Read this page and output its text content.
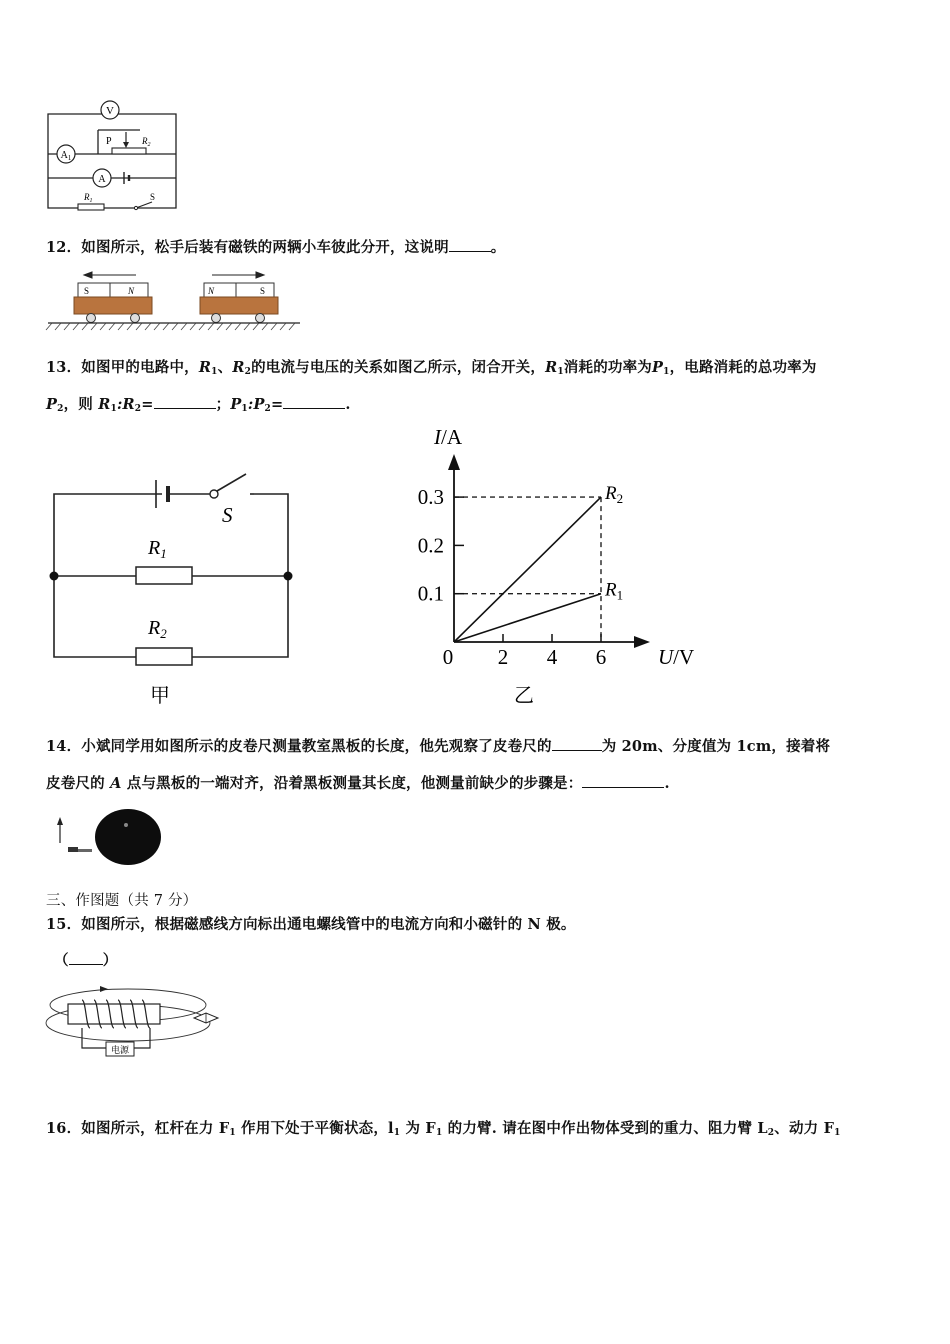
V
$A_1$
P	$R_2$
A
$R_1$	S
12．如图所示，松手后装有磁铁的两辆小车彼此分开，这说明	。
S	N	N	S
13．如图甲的电路中，$R_1$、$R_2$的电流与电压的关系如图乙所示，闭合开关，$R_1$消耗的功率为$P_1$，电路消耗的总功率为
$P_2$，则 $R_1:R_2=$	；$P_1:P_2=$	.
S
$R_1$
$R_2$
甲
I/A
U/V
0.1
0.2
0.3
0 2 4 6
$R_2$
$R_1$
乙
14．小斌同学用如图所示的皮卷尺测量教室黑板的长度，他先观察了皮卷尺的	为 20m、分度值为 1cm，接着将
皮卷尺的 A 点与黑板的一端对齐，沿着黑板测量其长度，他测量前缺少的步骤是：	.
三、作图题（共 7 分）
15．如图所示，根据磁感线方向标出通电螺线管中的电流方向和小磁针的 N 极。
（ ）
电源
16．如图所示，杠杆在力 $F_1$ 作用下处于平衡状态，$l_1$ 为 $F_1$ 的力臂. 请在图中作出物体受到的重力、阻力臂 $L_2$、动力 $F_1$
